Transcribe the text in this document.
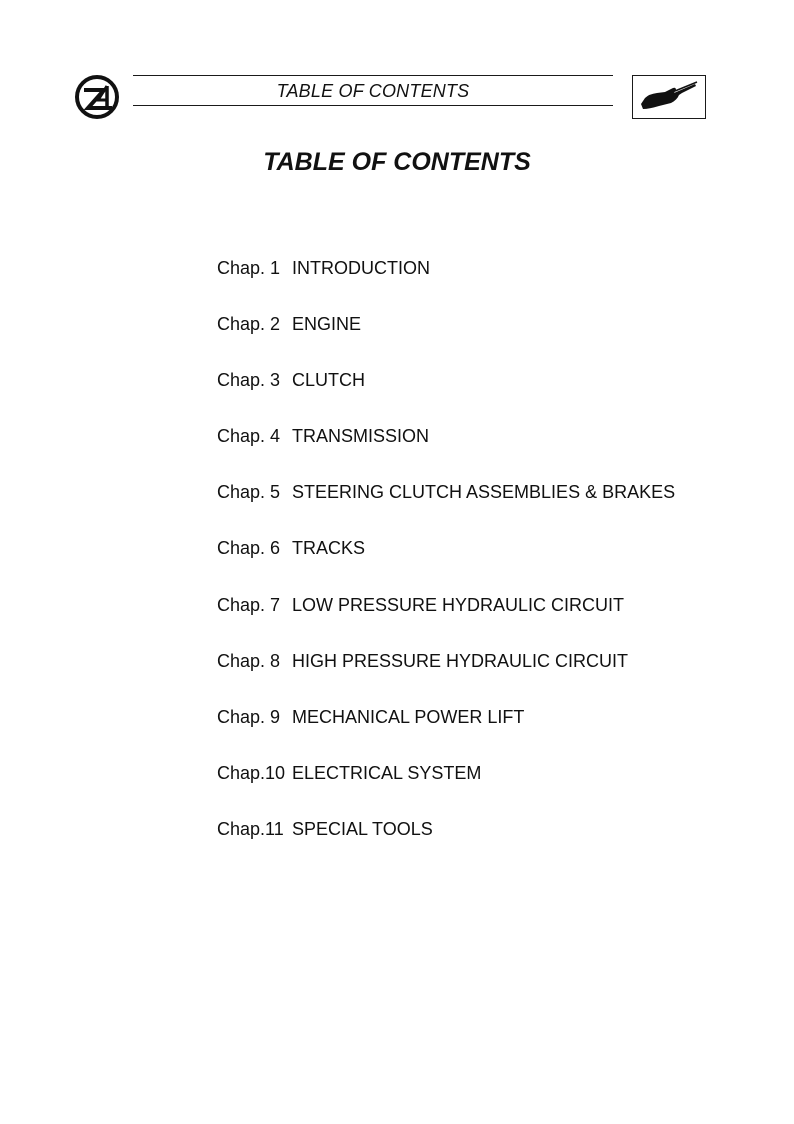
TABLE OF CONTENTS
TABLE OF CONTENTS
Chap. 1 INTRODUCTION
Chap. 2 ENGINE
Chap. 3 CLUTCH
Chap. 4 TRANSMISSION
Chap. 5 STEERING CLUTCH ASSEMBLIES & BRAKES
Chap. 6 TRACKS
Chap. 7 LOW PRESSURE HYDRAULIC CIRCUIT
Chap. 8 HIGH PRESSURE HYDRAULIC CIRCUIT
Chap. 9 MECHANICAL POWER LIFT
Chap.10 ELECTRICAL SYSTEM
Chap.11 SPECIAL TOOLS
